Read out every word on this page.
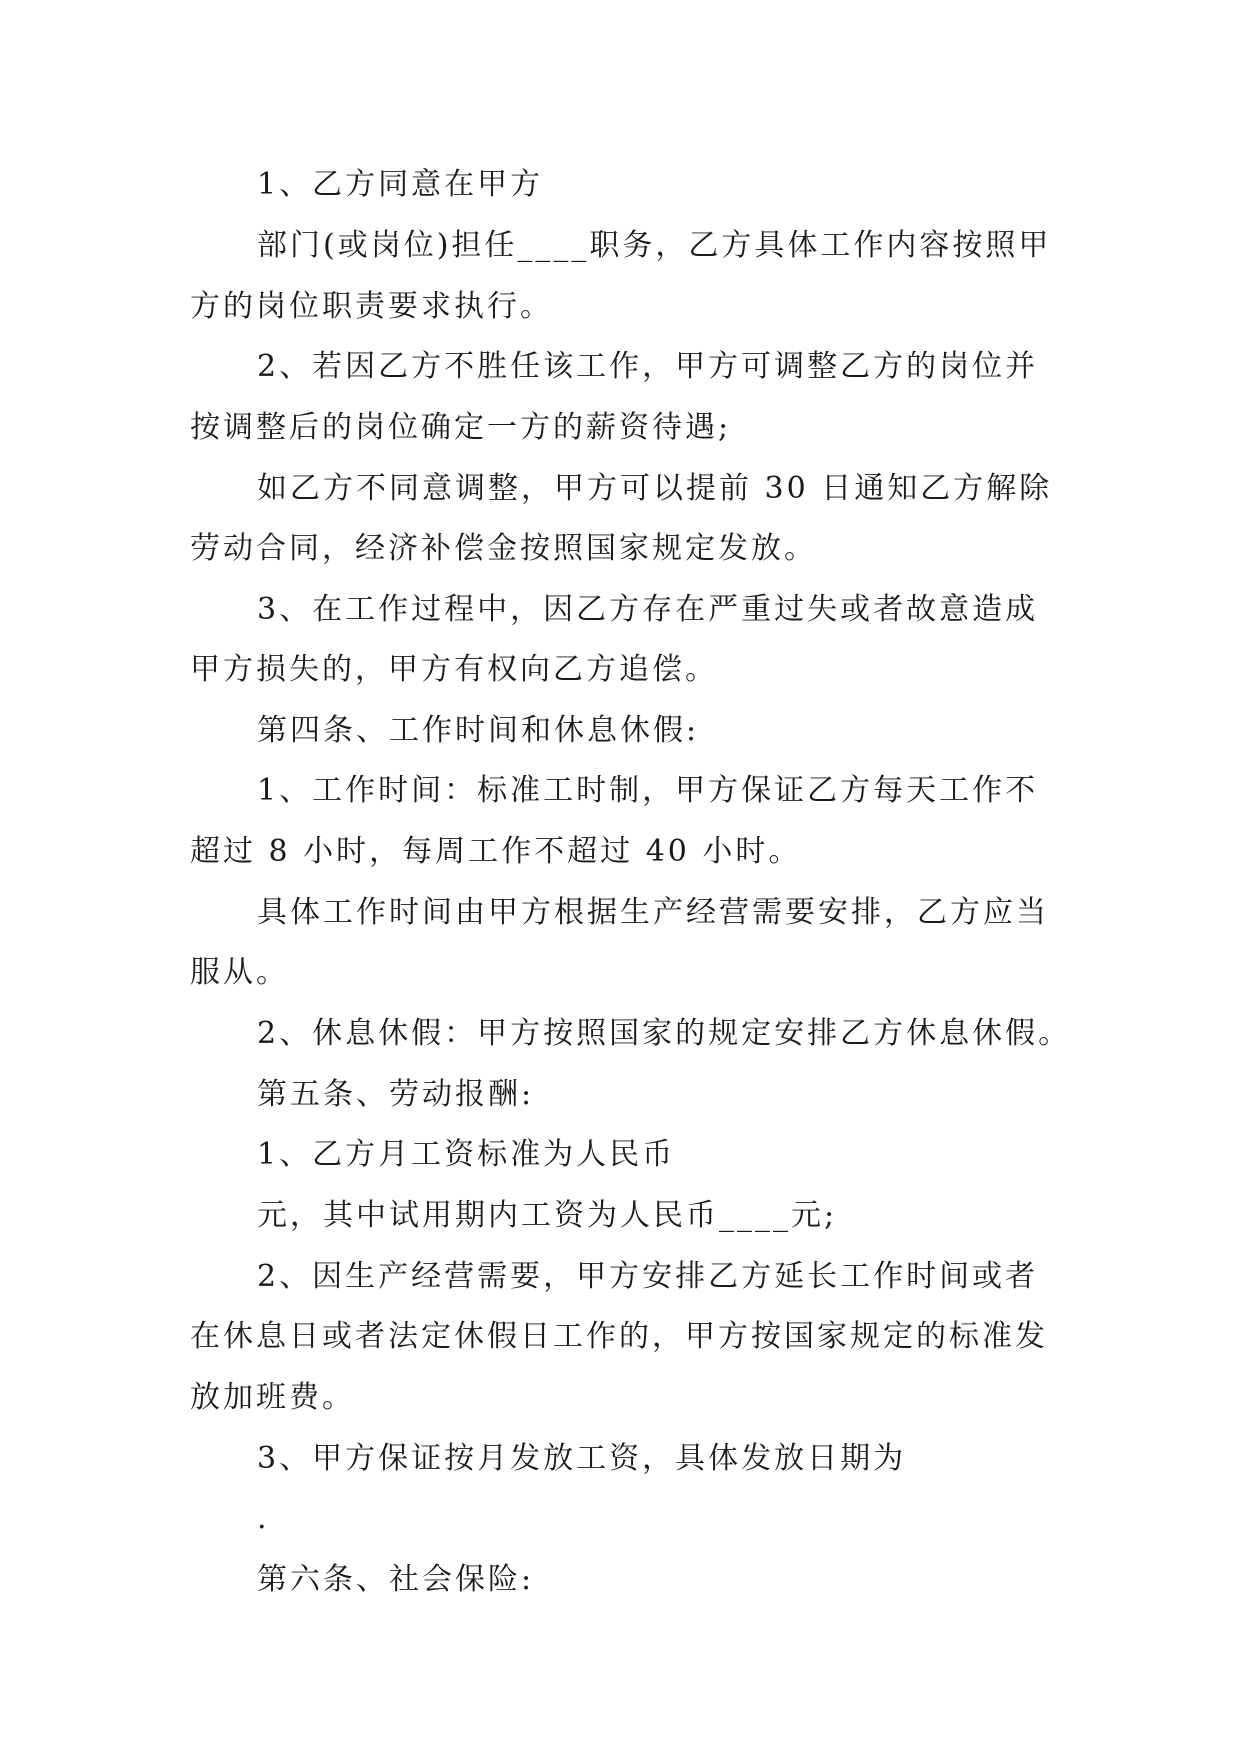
1、乙方同意在甲方
部门(或岗位)担任____职务，乙方具体工作内容按照甲
方的岗位职责要求执行。
2、若因乙方不胜任该工作，甲方可调整乙方的岗位并
按调整后的岗位确定一方的薪资待遇;
如乙方不同意调整，甲方可以提前 30 日通知乙方解除
劳动合同，经济补偿金按照国家规定发放。
3、在工作过程中，因乙方存在严重过失或者故意造成
甲方损失的，甲方有权向乙方追偿。
第四条、工作时间和休息休假:
1、工作时间：标准工时制，甲方保证乙方每天工作不
超过 8 小时，每周工作不超过 40 小时。
具体工作时间由甲方根据生产经营需要安排，乙方应当
服从。
2、休息休假：甲方按照国家的规定安排乙方休息休假。
第五条、劳动报酬:
1、乙方月工资标准为人民币
元，其中试用期内工资为人民币____元;
2、因生产经营需要，甲方安排乙方延长工作时间或者
在休息日或者法定休假日工作的，甲方按国家规定的标准发
放加班费。
3、甲方保证按月发放工资，具体发放日期为
.
第六条、社会保险:
